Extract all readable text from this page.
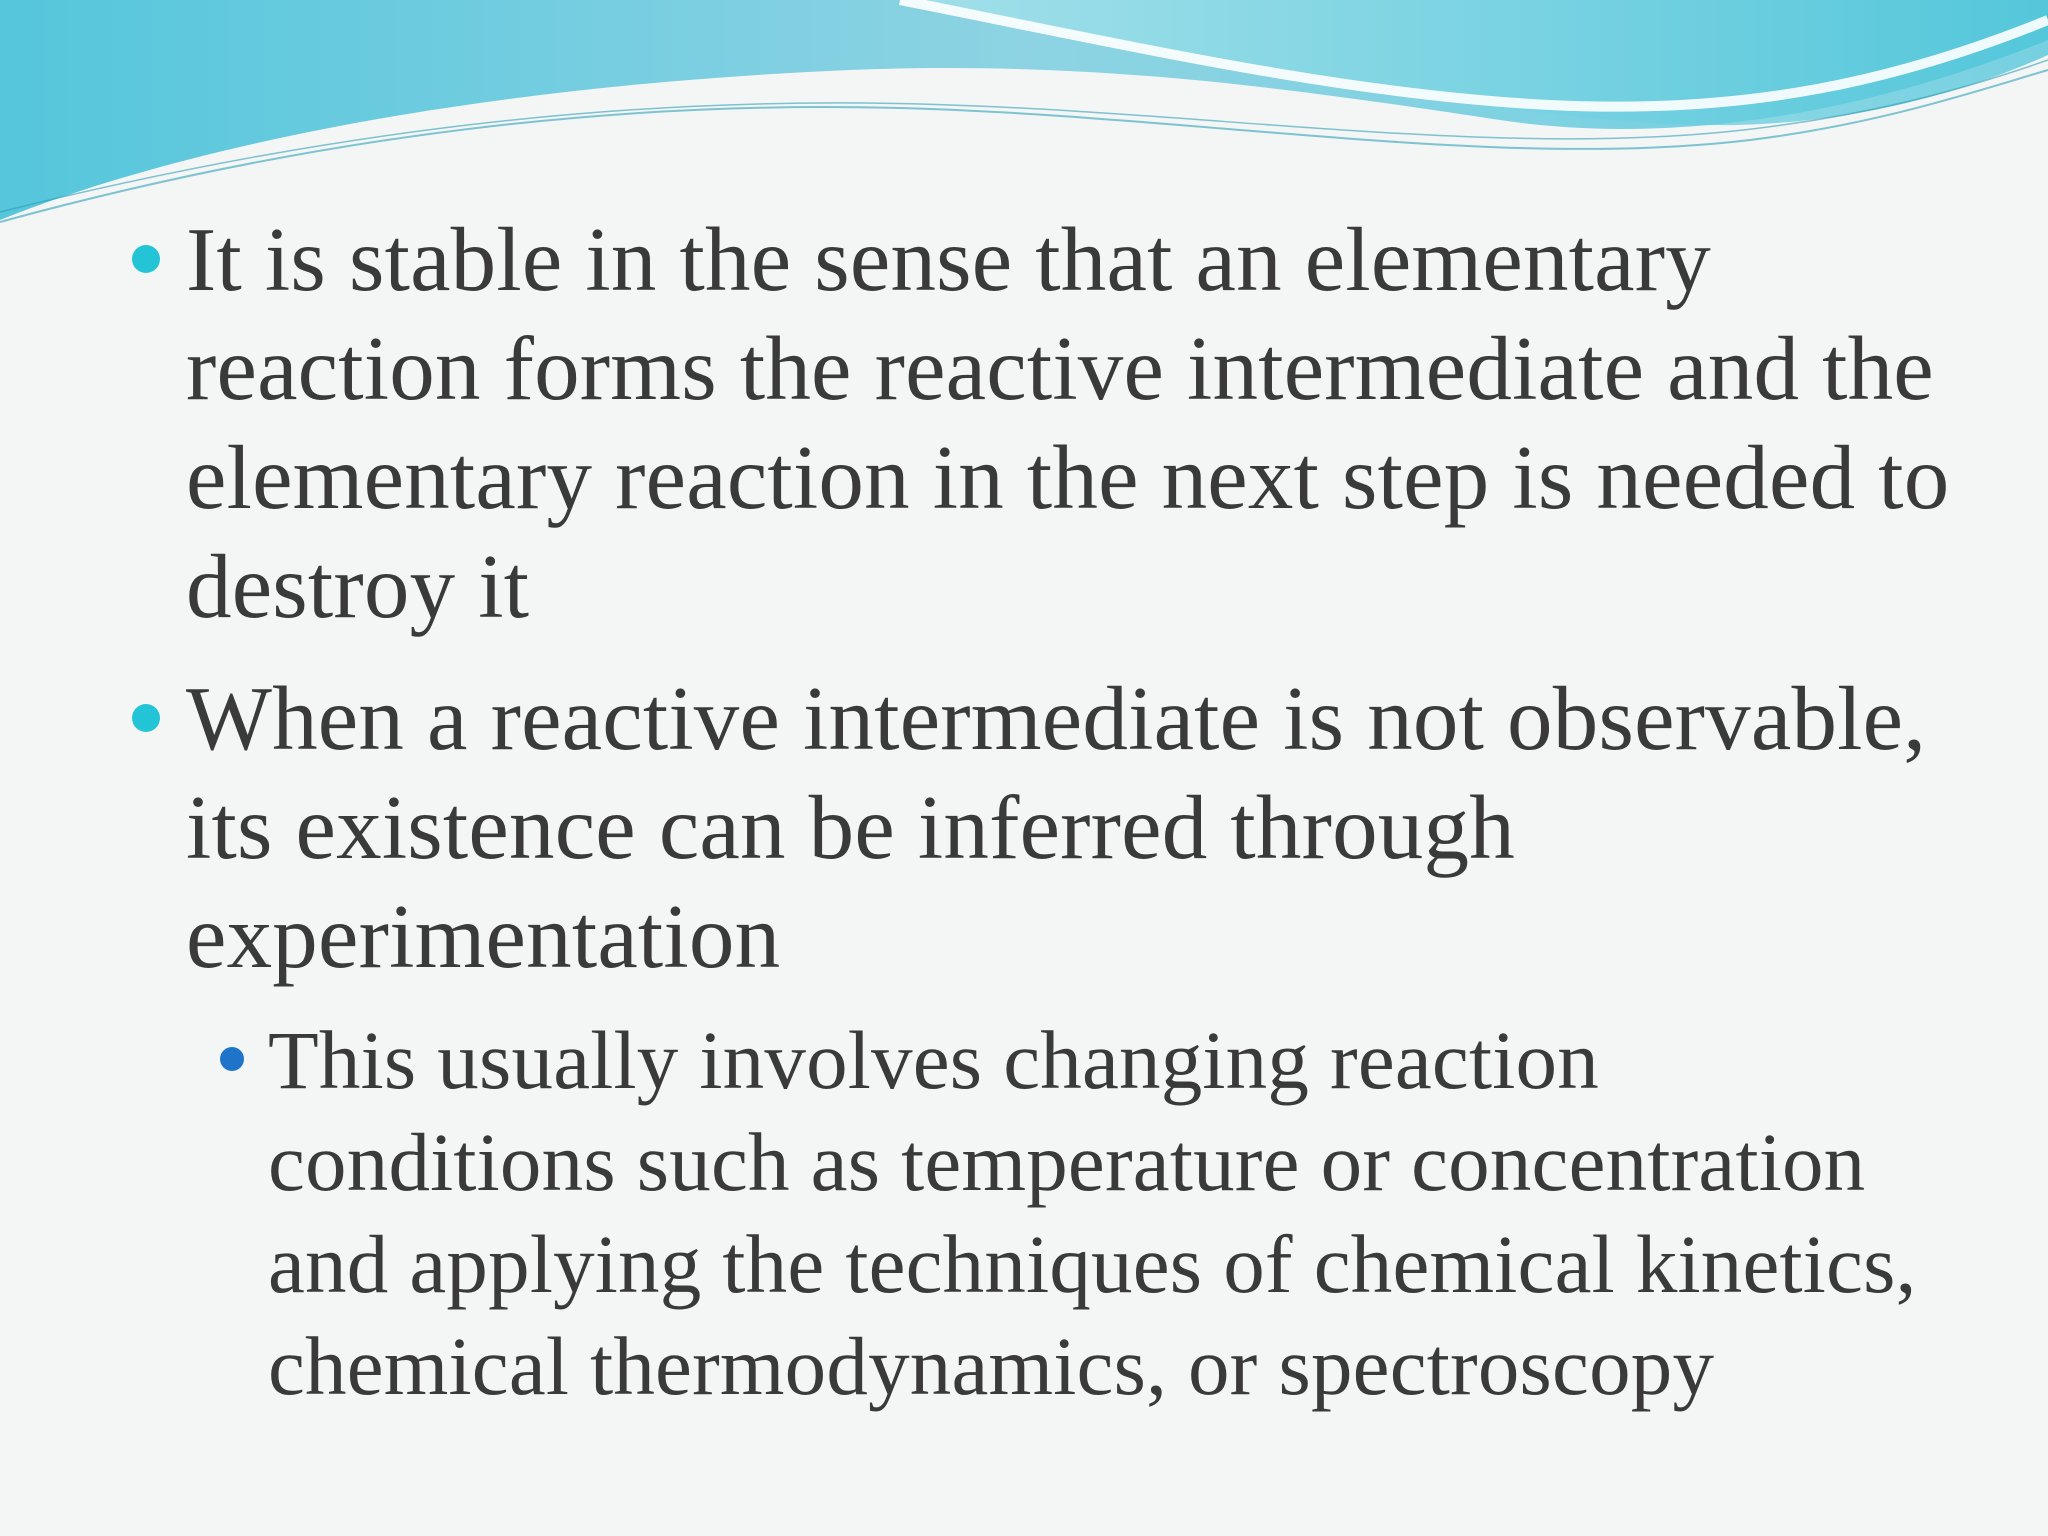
It is stable in the sense that an elementary
reaction forms the reactive intermediate and the
elementary reaction in the next step is needed to
destroy it
When a reactive intermediate is not observable,
its existence can be inferred through
experimentation
This usually involves changing reaction
conditions such as temperature or concentration
and applying the techniques of chemical kinetics,
chemical thermodynamics, or spectroscopy
